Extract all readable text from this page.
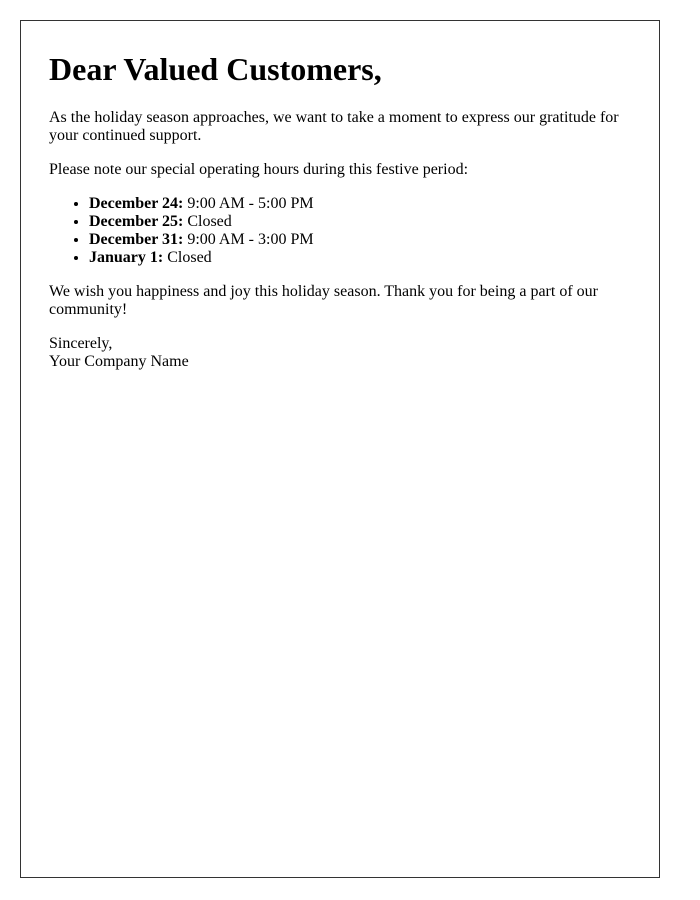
Dear Valued Customers,

As the holiday season approaches, we want to take a moment to express our gratitude for your continued support.

Please note our special operating hours during this festive period:

• December 24: 9:00 AM - 5:00 PM
• December 25: Closed
• December 31: 9:00 AM - 3:00 PM
• January 1: Closed

We wish you happiness and joy this holiday season. Thank you for being a part of our community!

Sincerely,
Your Company Name
